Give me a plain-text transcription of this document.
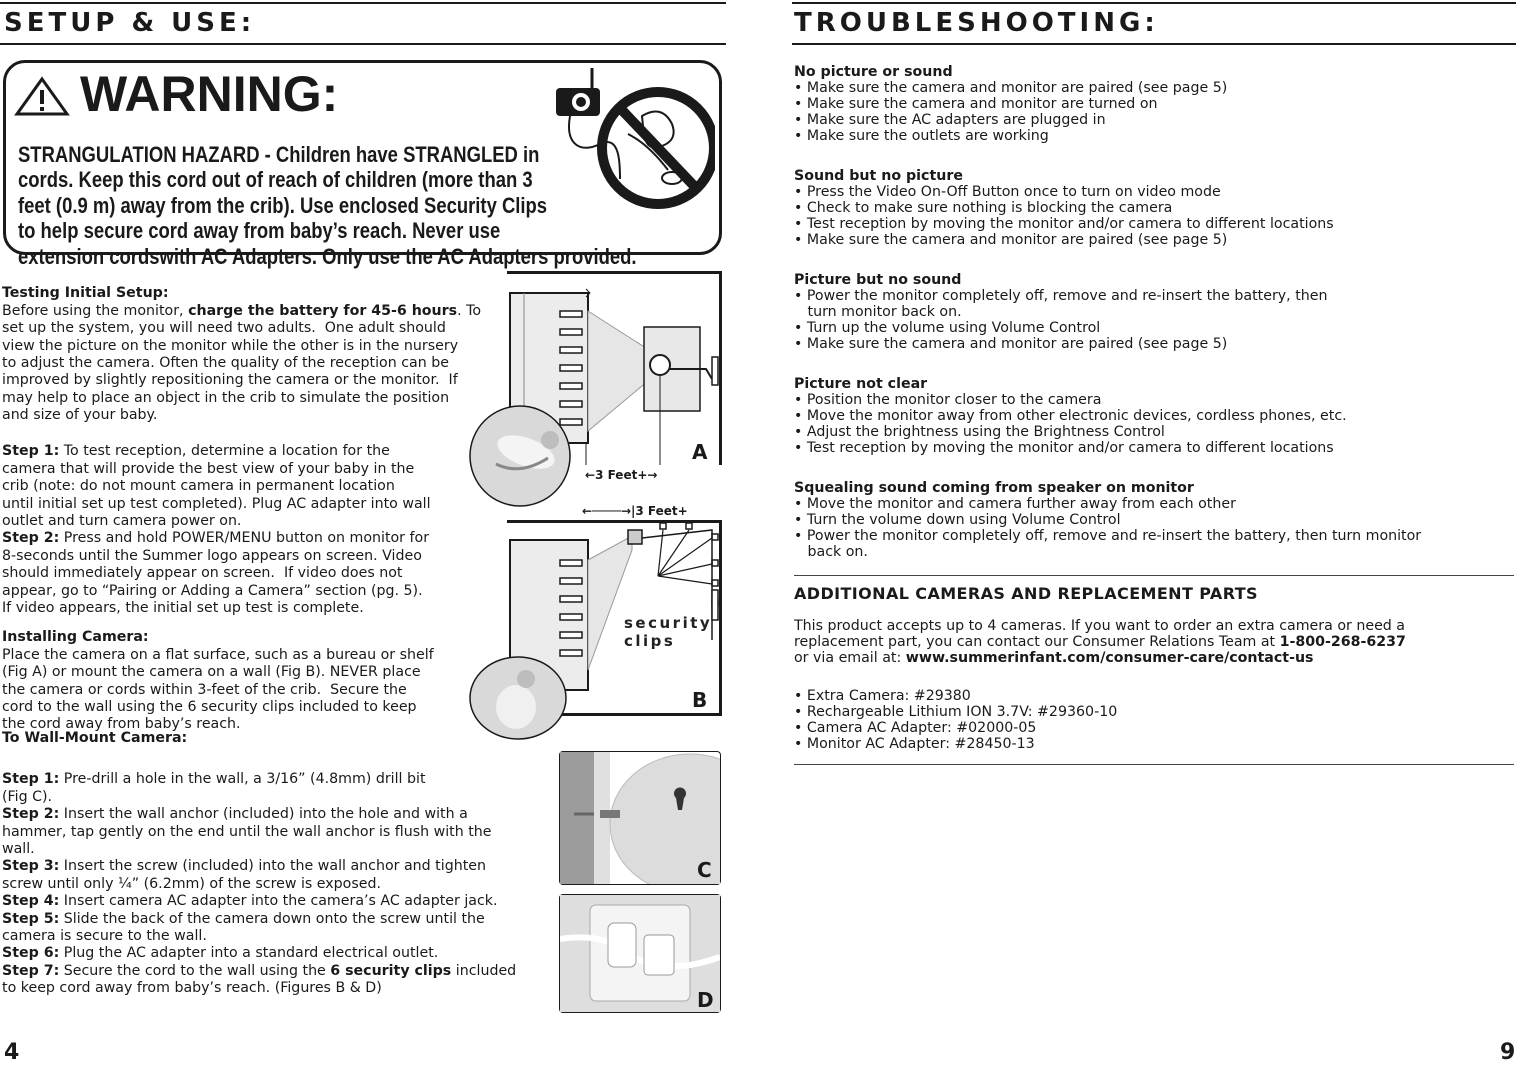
SETUP & USE:
WARNING:

STRANGULATION HAZARD - Children have STRANGLED in
cords. Keep this cord out of reach of children (more than 3
feet (0.9 m) away from the crib). Use enclosed Security Clips
to help secure cord away from baby’s reach. Never use
extension cordswith AC Adapters. Only use the AC Adapters provided.

Testing Initial Setup:
Before using the monitor, charge the battery for 45-6 hours. To
set up the system, you will need two adults.  One adult should
view the picture on the monitor while the other is in the nursery
to adjust the camera. Often the quality of the reception can be
improved by slightly repositioning the camera or the monitor.  If
may help to place an object in the crib to simulate the position
and size of your baby.

Step 1: To test reception, determine a location for the
camera that will provide the best view of your baby in the
crib (note: do not mount camera in permanent location
until initial set up test completed). Plug AC adapter into wall
outlet and turn camera power on.
Step 2: Press and hold POWER/MENU button on monitor for
8-seconds until the Summer logo appears on screen. Video
should immediately appear on screen.  If video does not
appear, go to “Pairing or Adding a Camera” section (pg. 5).
If video appears, the initial set up test is complete.

Installing Camera:
Place the camera on a flat surface, such as a bureau or shelf
(Fig A) or mount the camera on a wall (Fig B). NEVER place
the camera or cords within 3-feet of the crib.  Secure the
cord to the wall using the 6 security clips included to keep
the cord away from baby’s reach.
To Wall-Mount Camera:

Step 1: Pre-drill a hole in the wall, a 3/16” (4.8mm) drill bit
(Fig C).
Step 2: Insert the wall anchor (included) into the hole and with a
hammer, tap gently on the end until the wall anchor is flush with the
wall.
Step 3: Insert the screw (included) into the wall anchor and tighten
screw until only ¼” (6.2mm) of the screw is exposed.
Step 4: Insert camera AC adapter into the camera’s AC adapter jack.
Step 5: Slide the back of the camera down onto the screw until the
camera is secure to the wall.
Step 6: Plug the AC adapter into a standard electrical outlet.
Step 7: Secure the cord to the wall using the 6 security clips included
to keep cord away from baby’s reach. (Figures B & D)
A
←3 Feet+→
←────→|3 Feet+
security
clips
B
C
D
4
TROUBLESHOOTING:
No picture or sound
• Make sure the camera and monitor are paired (see page 5)
• Make sure the camera and monitor are turned on
• Make sure the AC adapters are plugged in
• Make sure the outlets are working
Sound but no picture
• Press the Video On-Off Button once to turn on video mode
• Check to make sure nothing is blocking the camera
• Test reception by moving the monitor and/or camera to different locations
• Make sure the camera and monitor are paired (see page 5)
Picture but no sound
• Power the monitor completely off, remove and re-insert the battery, then
turn monitor back on.
• Turn up the volume using Volume Control
• Make sure the camera and monitor are paired (see page 5)
Picture not clear
• Position the monitor closer to the camera
• Move the monitor away from other electronic devices, cordless phones, etc.
• Adjust the brightness using the Brightness Control
• Test reception by moving the monitor and/or camera to different locations
Squealing sound coming from speaker on monitor
• Move the monitor and camera further away from each other
• Turn the volume down using Volume Control
• Power the monitor completely off, remove and re-insert the battery, then turn monitor
back on.
ADDITIONAL CAMERAS AND REPLACEMENT PARTS
This product accepts up to 4 cameras. If you want to order an extra camera or need a
replacement part, you can contact our Consumer Relations Team at 1-800-268-6237
or via email at: www.summerinfant.com/consumer-care/contact-us
• Extra Camera: #29380
• Rechargeable Lithium ION 3.7V: #29360-10
• Camera AC Adapter: #02000-05
• Monitor AC Adapter: #28450-13
9
